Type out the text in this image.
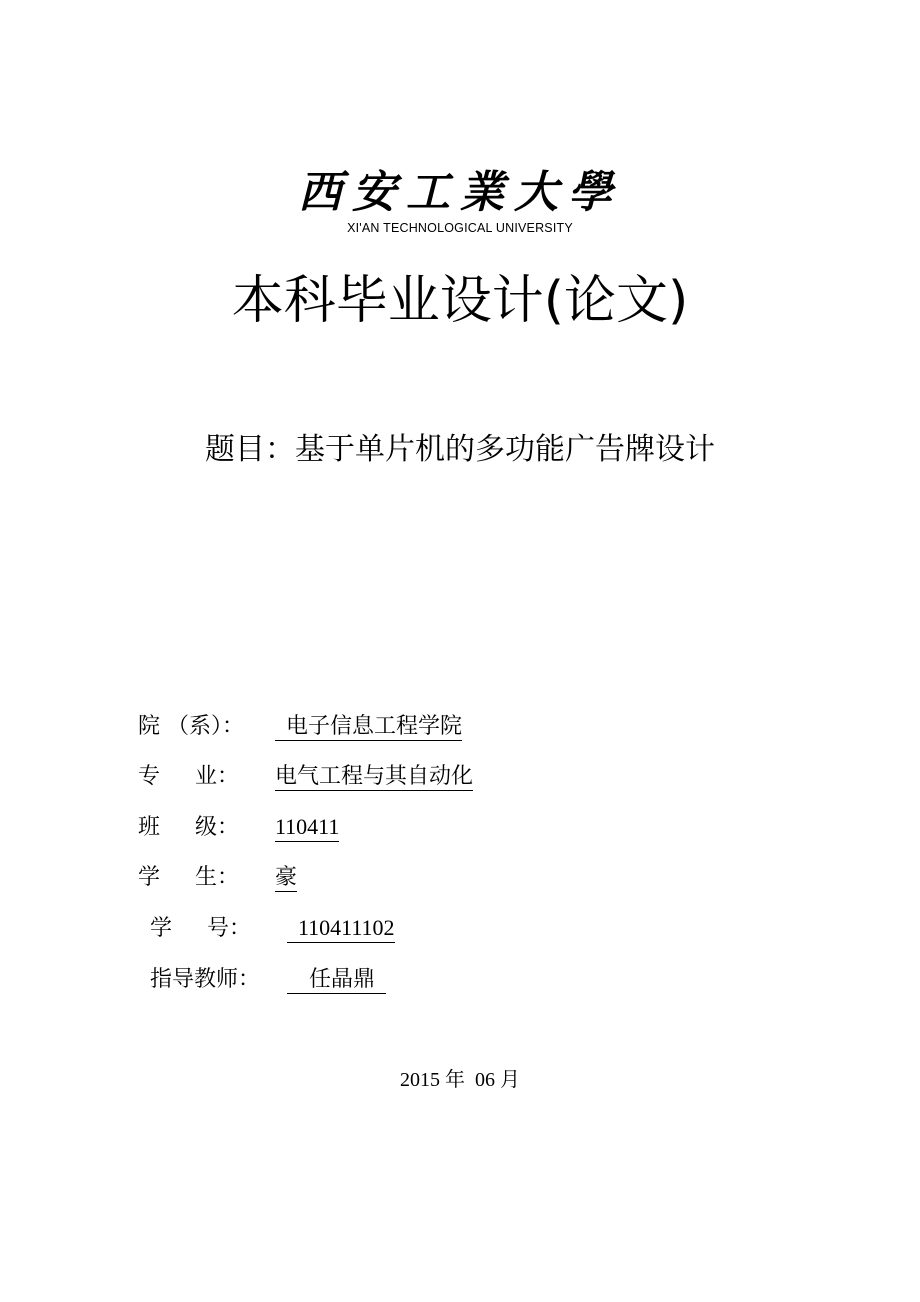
西安工業大學
XI'AN TECHNOLOGICAL UNIVERSITY
本科毕业设计(论文)
题目：基于单片机的多功能广告牌设计
院 （系）： 电子信息工程学院
专     业： 电气工程与其自动化
班     级： 110411
学     生： 豪
学     号： 110411102
指导教师： 任晶鼎
2015 年  06 月
